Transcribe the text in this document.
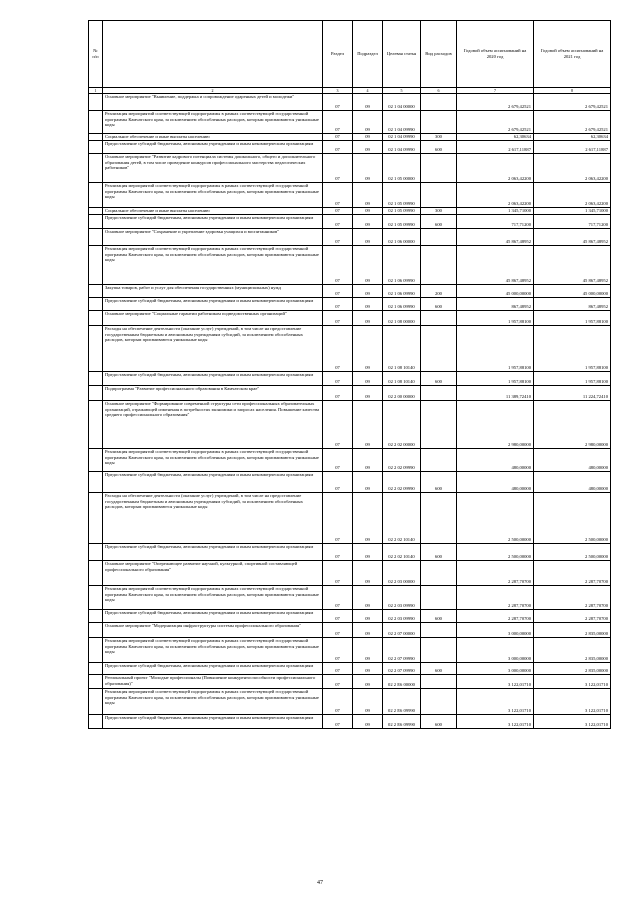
№ п/п		Раздел	Подраздел	Целевая статья	Вид расходов	Годовой объем ассигнований на 2020 год	Годовой объем ассигнований на 2021 год
1	2	3	4	5	6	7	8
	Основное мероприятие "Выявление, поддержка и сопровождение одаренных детей и молодежи"	07	09	02 1 04 00000		2 679,42521	2 679,42521
	Реализация мероприятий соответствующей подпрограммы в рамках соответствующей государственной программы Камчатского края, за исключением обособленных расходов, которым присваиваются уникальные коды	07	09	02 1 04 09990		2 679,42521	2 679,42521
	Социальное обеспечение и иные выплаты населению	07	09	02 1 04 09990	300	62,30634	62,30634
	Предоставление субсидий бюджетным, автономным учреждениям и иным некоммерческим организациям	07	09	02 1 04 09990	600	2 617,11887	2 617,11887
	Основное мероприятие "Развитие кадрового потенциала системы дошкольного, общего и дополнительного образования детей, в том числе проведение конкурсов профессионального мастерства педагогических работников"	07	09	02 1 05 00000		2 063,42200	2 063,42200
	Реализация мероприятий соответствующей подпрограммы в рамках соответствующей государственной программы Камчатского края, за исключением обособленных расходов, которым присваиваются уникальные коды	07	09	02 1 05 09990		2 063,42200	2 063,42200
	Социальное обеспечение и иные выплаты населению	07	09	02 1 05 09990	300	1 345,71000	1 345,71000
	Предоставление субсидий бюджетным, автономным учреждениям и иным некоммерческим организациям	07	09	02 1 05 09990	600	717,71200	717,71200
	Основное мероприятие "Сохранение и укрепление здоровья учащихся и воспитанников"	07	09	02 1 06 00000		45 867,48952	45 867,48952
	Реализация мероприятий соответствующей подпрограммы в рамках соответствующей государственной программы Камчатского края, за исключением обособленных расходов, которым присваиваются уникальные коды	07	09	02 1 06 09990		45 867,48952	45 867,48952
	Закупка товаров, работ и услуг для обеспечения государственных (муниципальных) нужд	07	09	02 1 06 09990	200	45 000,00000	45 000,00000
	Предоставление субсидий бюджетным, автономным учреждениям и иным некоммерческим организациям	07	09	02 1 06 09990	600	867,48952	867,48952
	Основное мероприятие "Социальные гарантии работникам подведомственных организаций"	07	09	02 1 08 00000		1 957,88100	1 957,88100
	Расходы на обеспечение деятельности (оказание услуг) учреждений, в том числе на предоставление государственным бюджетным и автономным учреждениям субсидий, за исключением обособленных расходов, которым присваиваются уникальные коды	07	09	02 1 08 10140		1 957,88100	1 957,88100
	Предоставление субсидий бюджетным, автономным учреждениям и иным некоммерческим организациям	07	09	02 1 08 10140	600	1 957,88100	1 957,88100
	Подпрограмма "Развитие профессионального образования в Камчатском крае"	07	09	02 2 00 00000		11 389,72410	11 224,72410
	Основное мероприятие "Формирование современной структуры сети профессиональных образовательных организаций, отражающей изменения в потребностях экономики и запросах населения. Повышение качества среднего профессионального образования"	07	09	02 2 02 00000		2 980,00000	2 980,00000
	Реализация мероприятий соответствующей подпрограммы в рамках соответствующей государственной программы Камчатского края, за исключением обособленных расходов, которым присваиваются уникальные коды	07	09	02 2 02 09990		480,00000	480,00000
	Предоставление субсидий бюджетным, автономным учреждениям и иным некоммерческим организациям	07	09	02 2 02 09990	600	480,00000	480,00000
	Расходы на обеспечение деятельности (оказание услуг) учреждений, в том числе на предоставление государственным бюджетным и автономным учреждениям субсидий, за исключением обособленных расходов, которым присваиваются уникальные коды	07	09	02 2 02 10140		2 500,00000	2 500,00000
	Предоставление субсидий бюджетным, автономным учреждениям и иным некоммерческим организациям	07	09	02 2 02 10140	600	2 500,00000	2 500,00000
	Основное мероприятие "Опережающее развитие научной, культурной, спортивной составляющей профессионального образования"	07	09	02 2 03 00000		2 287,70700	2 287,70700
	Реализация мероприятий соответствующей подпрограммы в рамках соответствующей государственной программы Камчатского края, за исключением обособленных расходов, которым присваиваются уникальные коды	07	09	02 2 03 09990		2 287,70700	2 287,70700
	Предоставление субсидий бюджетным, автономным учреждениям и иным некоммерческим организациям	07	09	02 2 03 09990	600	2 287,70700	2 287,70700
	Основное мероприятие "Модернизация инфраструктуры системы профессионального образования"	07	09	02 2 07 00000		3 000,00000	2 835,00000
	Реализация мероприятий соответствующей подпрограммы в рамках соответствующей государственной программы Камчатского края, за исключением обособленных расходов, которым присваиваются уникальные коды	07	09	02 2 07 09990		3 000,00000	2 835,00000
	Предоставление субсидий бюджетным, автономным учреждениям и иным некоммерческим организациям	07	09	02 2 07 09990	600	3 000,00000	2 835,00000
	Региональный проект "Молодые профессионалы (Повышение конкурентоспособности профессионального образования)"	07	09	02 2 E6 00000		3 122,01710	3 122,01710
	Реализация мероприятий соответствующей подпрограммы в рамках соответствующей государственной программы Камчатского края, за исключением обособленных расходов, которым присваиваются уникальные коды	07	09	02 2 E6 09990		3 122,01710	3 122,01710
	Предоставление субсидий бюджетным, автономным учреждениям и иным некоммерческим организациям	07	09	02 2 E6 09990	600	3 122,01710	3 122,01710
47
